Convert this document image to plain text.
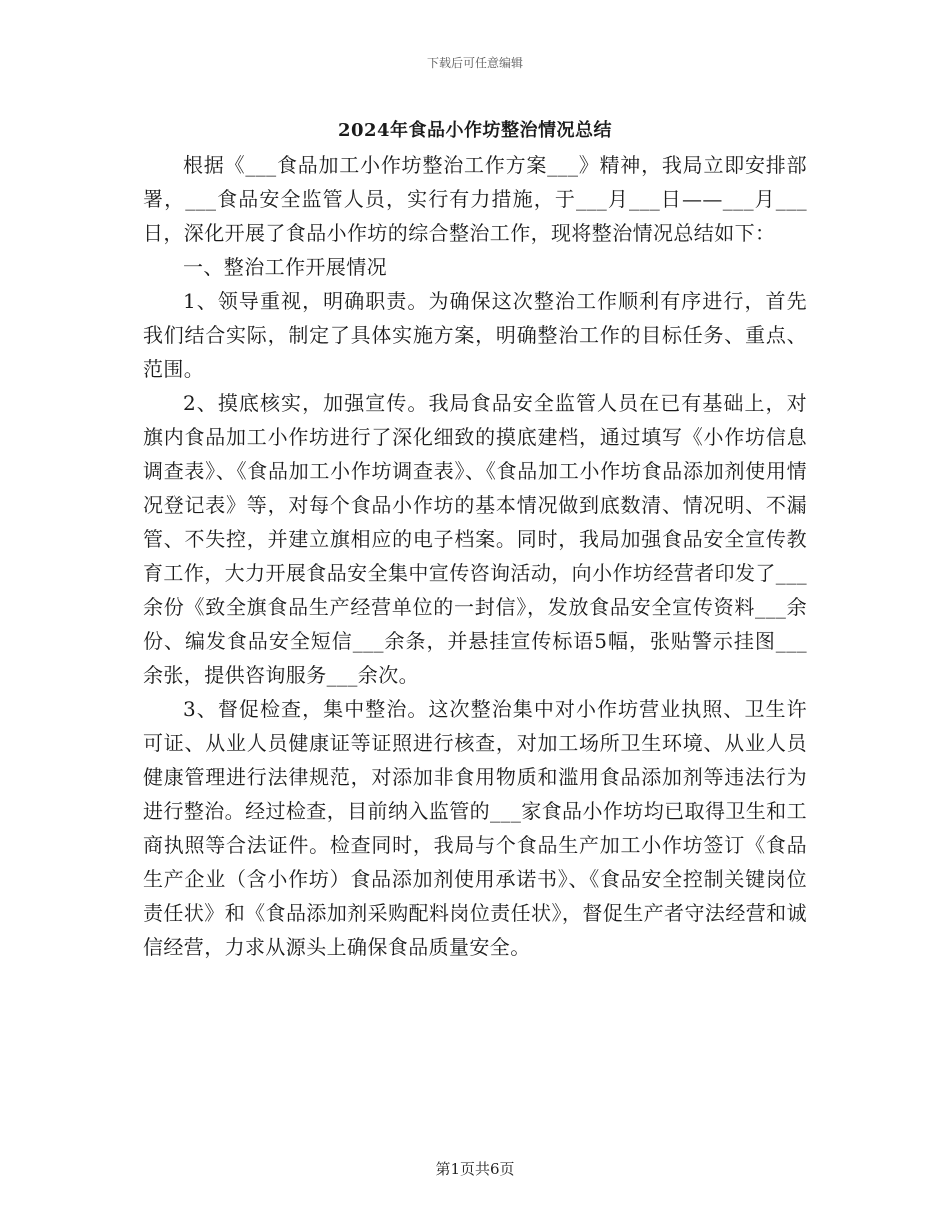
下载后可任意编辑
2024年食品小作坊整治情况总结

根据《___食品加工小作坊整治工作方案___》精神，我局立即安排部署，___食品安全监管人员，实行有力措施，于___月___日——___月___日，深化开展了食品小作坊的综合整治工作，现将整治情况总结如下：

一、整治工作开展情况

1、领导重视，明确职责。为确保这次整治工作顺利有序进行，首先我们结合实际，制定了具体实施方案，明确整治工作的目标任务、重点、范围。

2、摸底核实，加强宣传。我局食品安全监管人员在已有基础上，对旗内食品加工小作坊进行了深化细致的摸底建档，通过填写《小作坊信息调查表》、《食品加工小作坊调查表》、《食品加工小作坊食品添加剂使用情况登记表》等，对每个食品小作坊的基本情况做到底数清、情况明、不漏管、不失控，并建立旗相应的电子档案。同时，我局加强食品安全宣传教育工作，大力开展食品安全集中宣传咨询活动，向小作坊经营者印发了___余份《致全旗食品生产经营单位的一封信》，发放食品安全宣传资料___余份、编发食品安全短信___余条，并悬挂宣传标语5幅，张贴警示挂图___余张，提供咨询服务___余次。

3、督促检查，集中整治。这次整治集中对小作坊营业执照、卫生许可证、从业人员健康证等证照进行核查，对加工场所卫生环境、从业人员健康管理进行法律规范，对添加非食用物质和滥用食品添加剂等违法行为进行整治。经过检查，目前纳入监管的___家食品小作坊均已取得卫生和工商执照等合法证件。检查同时，我局与个食品生产加工小作坊签订《食品生产企业（含小作坊）食品添加剂使用承诺书》、《食品安全控制关键岗位责任状》和《食品添加剂采购配料岗位责任状》，督促生产者守法经营和诚信经营，力求从源头上确保食品质量安全。

第1页共6页
